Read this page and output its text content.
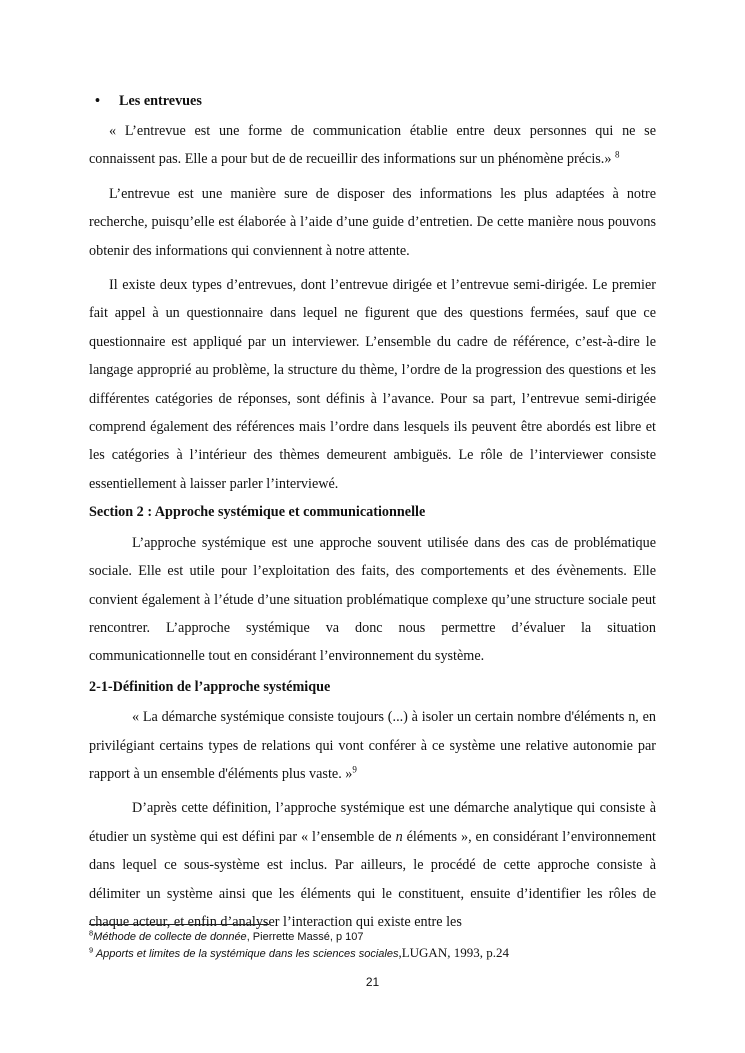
•	Les entrevues

« L’entrevue est une forme de communication établie entre deux personnes qui ne se connaissent pas. Elle a pour but de de recueillir des informations sur un phénomène précis.» $^8$

L’entrevue est une manière sure de disposer des informations les plus adaptées à notre recherche, puisqu’elle est élaborée à l’aide d’une guide d’entretien. De cette manière nous pouvons obtenir des informations qui conviennent à notre attente.

Il existe deux types d’entrevues, dont l’entrevue dirigée et l’entrevue semi-dirigée. Le premier fait appel à un questionnaire dans lequel ne figurent que des questions fermées, sauf que ce questionnaire est appliqué par un interviewer. L’ensemble du cadre de référence, c’est-à-dire le langage approprié au problème, la structure du thème, l’ordre de la progression des questions et les différentes catégories de réponses, sont définis à l’avance. Pour sa part, l’entrevue semi-dirigée comprend également des références mais l’ordre dans lesquels ils peuvent être abordés est libre et les catégories à l’intérieur des thèmes demeurent ambiguës. Le rôle de l’interviewer consiste essentiellement à laisser parler l’interviewé.

Section 2 : Approche systémique et communicationnelle

L’approche systémique est une approche souvent utilisée dans des cas de problématique sociale. Elle est utile pour l’exploitation des faits, des comportements et des évènements. Elle convient également à l’étude d’une situation problématique complexe qu’une structure sociale peut rencontrer. L’approche systémique va donc nous permettre d’évaluer la situation communicationnelle tout en considérant l’environnement du système.

2-1-Définition de l’approche systémique

« La démarche systémique consiste toujours (...) à isoler un certain nombre d'éléments n, en privilégiant certains types de relations qui vont conférer à ce système une relative autonomie par rapport à un ensemble d'éléments plus vaste. »$^9$

D’après cette définition, l’approche systémique est une démarche analytique qui consiste à étudier un système qui est défini par « l’ensemble de n éléments », en considérant l’environnement dans lequel ce sous-système est inclus. Par ailleurs, le procédé de cette approche consiste à délimiter un système ainsi que les éléments qui le constituent, ensuite d’identifier les rôles de chaque acteur, et enfin d’analyser l’interaction qui existe entre les

$^8$Méthode de collecte de donnée, Pierrette Massé, p 107
$^9$ Apports et limites de la systémique dans les sciences sociales,LUGAN, 1993, p.24
21
